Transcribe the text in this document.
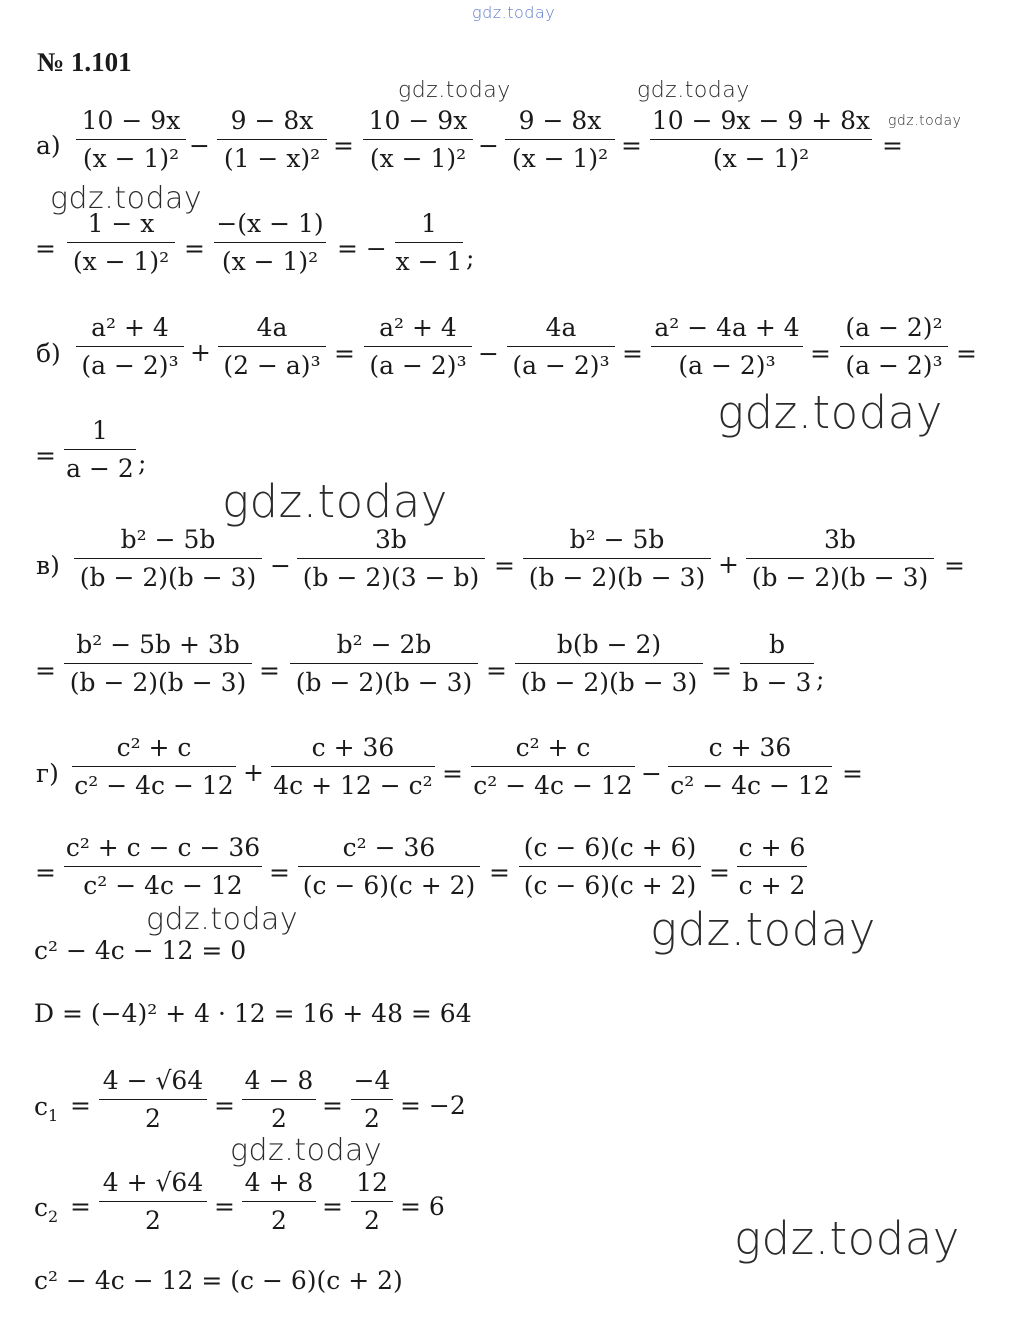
gdz.today
gdz.today	gdz.today
gdz.today
gdz.today
gdz.today
gdz.today
gdz.today	gdz.today
gdz.today
gdz.today
№ 1.101
а)
10 − 9x
(x − 1)² −
9 − 8x
(1 − x)² =
10 − 9x
(x − 1)² −
9 − 8x
(x − 1)² =
10 − 9x − 9 + 8x
(x − 1)²	=
=
1 − x
(x − 1)² =
−(x − 1)
(x − 1)² = −
1
x − 1 ;
б)
a² + 4
(a − 2)³ +
4a
(2 − a)³ =
a² + 4
(a − 2)³ −
4a
(a − 2)³ =
a² − 4a + 4
(a − 2)³	=
(a − 2)²
(a − 2)³ =
=
1
a − 2 ;
в)
b² − 5b
(b − 2)(b − 3) −
3b
(b − 2)(3 − b) =
b² − 5b
(b − 2)(b − 3) +
3b
(b − 2)(b − 3) =
=
b² − 5b + 3b
(b − 2)(b − 3) =
b² − 2b
(b − 2)(b − 3) =
b(b − 2)
(b − 2)(b − 3) =
b
b − 3 ;
г)
c² + c
c² − 4c − 12 +
c + 36
4c + 12 − c² =
c² + c
c² − 4c − 12 −
c + 36
c² − 4c − 12 =
=
c² + c − c − 36
c² − 4c − 12	=
c² − 36
(c − 6)(c + 2) =
(c − 6)(c + 6)
(c − 6)(c + 2) =
c + 6
c + 2
c² − 4c − 12 = 0
D = (−4)² + 4 · 12 = 16 + 48 = 64
$c_1$ =
4 − √64
2	=
4 − 8
2	=
−4
2 = −2
$c_2$ =
4 + √64
2	=
4 + 8
2	=
12
2 = 6
c² − 4c − 12 = (c − 6)(c + 2)
